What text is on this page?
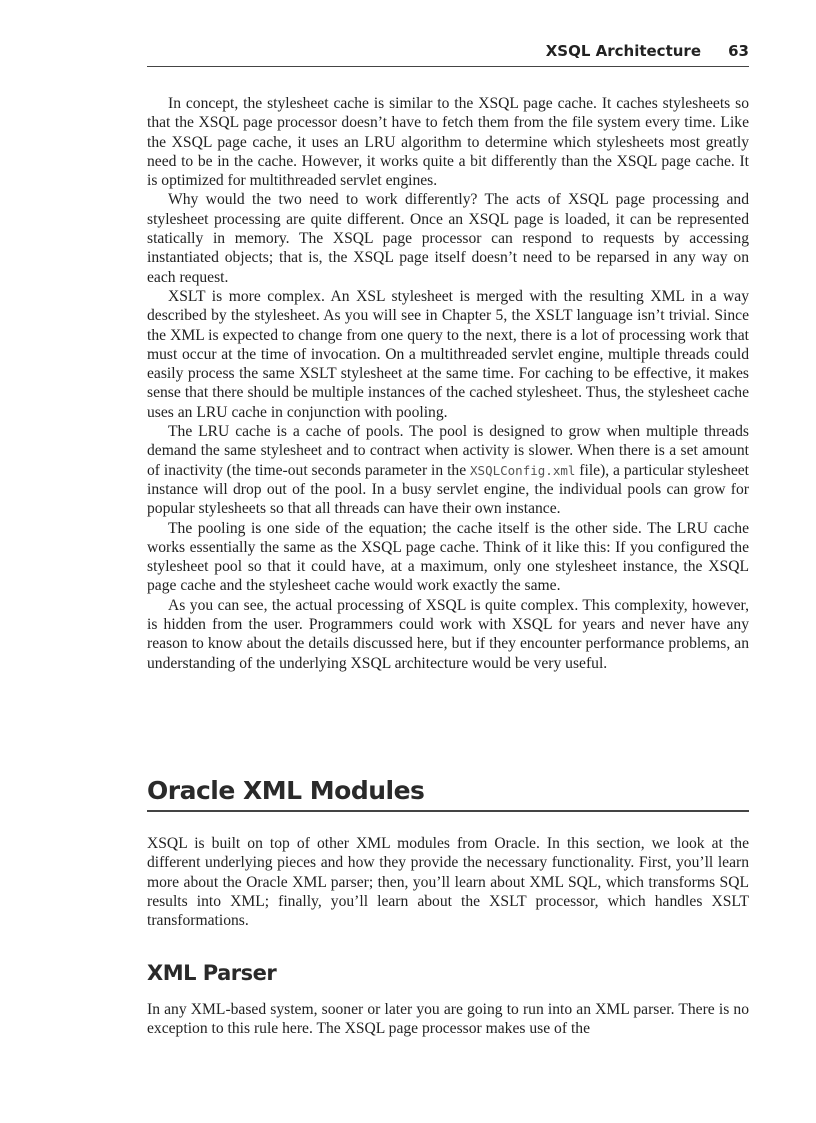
XSQL Architecture 63

In concept, the stylesheet cache is similar to the XSQL page cache. It caches stylesheets so that the XSQL page processor doesn’t have to fetch them from the file system every time. Like the XSQL page cache, it uses an LRU algorithm to determine which stylesheets most greatly need to be in the cache. However, it works quite a bit differently than the XSQL page cache. It is optimized for multithreaded servlet engines.

Why would the two need to work differently? The acts of XSQL page processing and stylesheet processing are quite different. Once an XSQL page is loaded, it can be represented statically in memory. The XSQL page processor can respond to requests by accessing instantiated objects; that is, the XSQL page itself doesn’t need to be reparsed in any way on each request.

XSLT is more complex. An XSL stylesheet is merged with the resulting XML in a way described by the stylesheet. As you will see in Chapter 5, the XSLT language isn’t trivial. Since the XML is expected to change from one query to the next, there is a lot of processing work that must occur at the time of invocation. On a multithreaded servlet engine, multiple threads could easily process the same XSLT stylesheet at the same time. For caching to be effective, it makes sense that there should be multiple instances of the cached stylesheet. Thus, the stylesheet cache uses an LRU cache in conjunction with pooling.

The LRU cache is a cache of pools. The pool is designed to grow when multiple threads demand the same stylesheet and to contract when activity is slower. When there is a set amount of inactivity (the time-out seconds parameter in the XSQLConfig.xml file), a particular stylesheet instance will drop out of the pool. In a busy servlet engine, the individual pools can grow for popular stylesheets so that all threads can have their own instance.

The pooling is one side of the equation; the cache itself is the other side. The LRU cache works essentially the same as the XSQL page cache. Think of it like this: If you configured the stylesheet pool so that it could have, at a maximum, only one stylesheet instance, the XSQL page cache and the stylesheet cache would work exactly the same.

As you can see, the actual processing of XSQL is quite complex. This complexity, however, is hidden from the user. Programmers could work with XSQL for years and never have any reason to know about the details discussed here, but if they encounter performance problems, an understanding of the underlying XSQL architecture would be very useful.

Oracle XML Modules

XSQL is built on top of other XML modules from Oracle. In this section, we look at the different underlying pieces and how they provide the necessary functionality. First, you’ll learn more about the Oracle XML parser; then, you’ll learn about XML SQL, which transforms SQL results into XML; finally, you’ll learn about the XSLT processor, which handles XSLT transformations.

XML Parser

In any XML-based system, sooner or later you are going to run into an XML parser. There is no exception to this rule here. The XSQL page processor makes use of the
